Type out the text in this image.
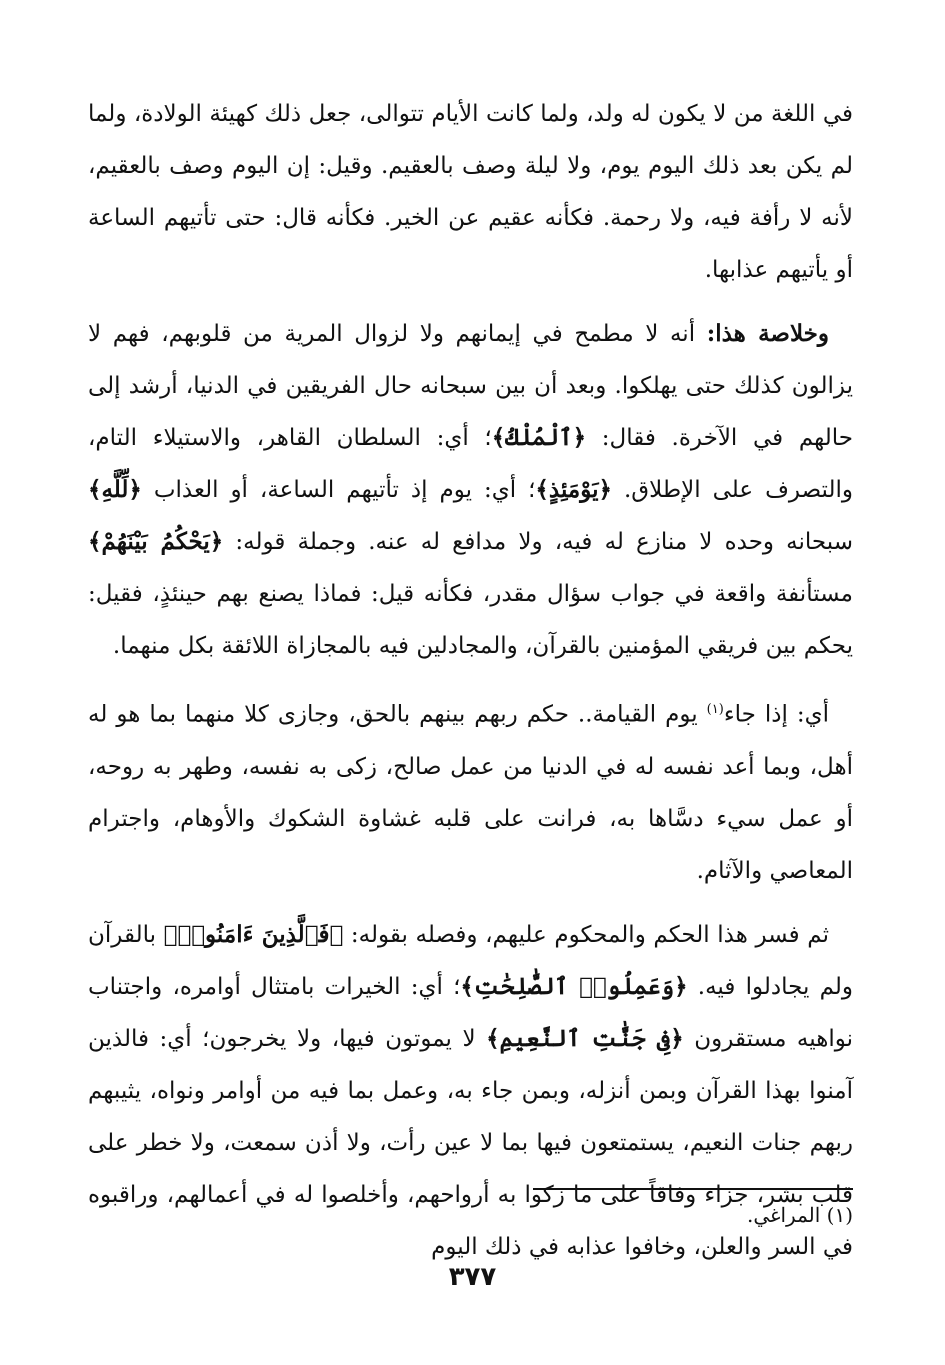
في اللغة من لا يكون له ولد، ولما كانت الأيام تتوالى، جعل ذلك كهيئة الولادة، ولما لم يكن بعد ذلك اليوم يوم، ولا ليلة وصف بالعقيم. وقيل: إن اليوم وصف بالعقيم، لأنه لا رأفة فيه، ولا رحمة. فكأنه عقيم عن الخير. فكأنه قال: حتى تأتيهم الساعة أو يأتيهم عذابها.

وخلاصة هذا: أنه لا مطمح في إيمانهم ولا لزوال المرية من قلوبهم، فهم لا يزالون كذلك حتى يهلكوا. وبعد أن بين سبحانه حال الفريقين في الدنيا، أرشد إلى حالهم في الآخرة. فقال: ﴿ٱلْمُلْكُ﴾؛ أي: السلطان القاهر، والاستيلاء التام، والتصرف على الإطلاق. ﴿يَوْمَئِذٍ﴾؛ أي: يوم إذ تأتيهم الساعة، أو العذاب ﴿لِّلَّهِ﴾ سبحانه وحده لا منازع له فيه، ولا مدافع له عنه. وجملة قوله: ﴿يَحْكُمُ بَيْنَهُمْ﴾ مستأنفة واقعة في جواب سؤال مقدر، فكأنه قيل: فماذا يصنع بهم حينئذٍ، فقيل: يحكم بين فريقي المؤمنين بالقرآن، والمجادلين فيه بالمجازاة اللائقة بكل منهما.

أي: إذا جاء$^{(١)}$ يوم القيامة.. حكم ربهم بينهم بالحق، وجازى كلا منهما بما هو له أهل، وبما أعد نفسه له في الدنيا من عمل صالح، زكى به نفسه، وطهر به روحه، أو عمل سيء دسَّاها به، فرانت على قلبه غشاوة الشكوك والأوهام، واجترام المعاصي والآثام.

ثم فسر هذا الحكم والمحكوم عليهم، وفصله بقوله: ﴿فَٱلَّذِينَ ءَامَنُوا۟﴾ بالقرآن ولم يجادلوا فيه. ﴿وَعَمِلُوا۟ ٱلصَّٰلِحَٰتِ﴾؛ أي: الخيرات بامتثال أوامره، واجتناب نواهيه مستقرون ﴿فِى جَنَّٰتِ ٱلنَّعِيمِ﴾ لا يموتون فيها، ولا يخرجون؛ أي: فالذين آمنوا بهذا القرآن وبمن أنزله، وبمن جاء به، وعمل بما فيه من أوامر ونواه، يثيبهم ربهم جنات النعيم، يستمتعون فيها بما لا عين رأت، ولا أذن سمعت، ولا خطر على قلب بشر، جزاء وفاقاً على ما زكوا به أرواحهم، وأخلصوا له في أعمالهم، وراقبوه في السر والعلن، وخافوا عذابه في ذلك اليوم

(١) المراغي.
٣٧٧
